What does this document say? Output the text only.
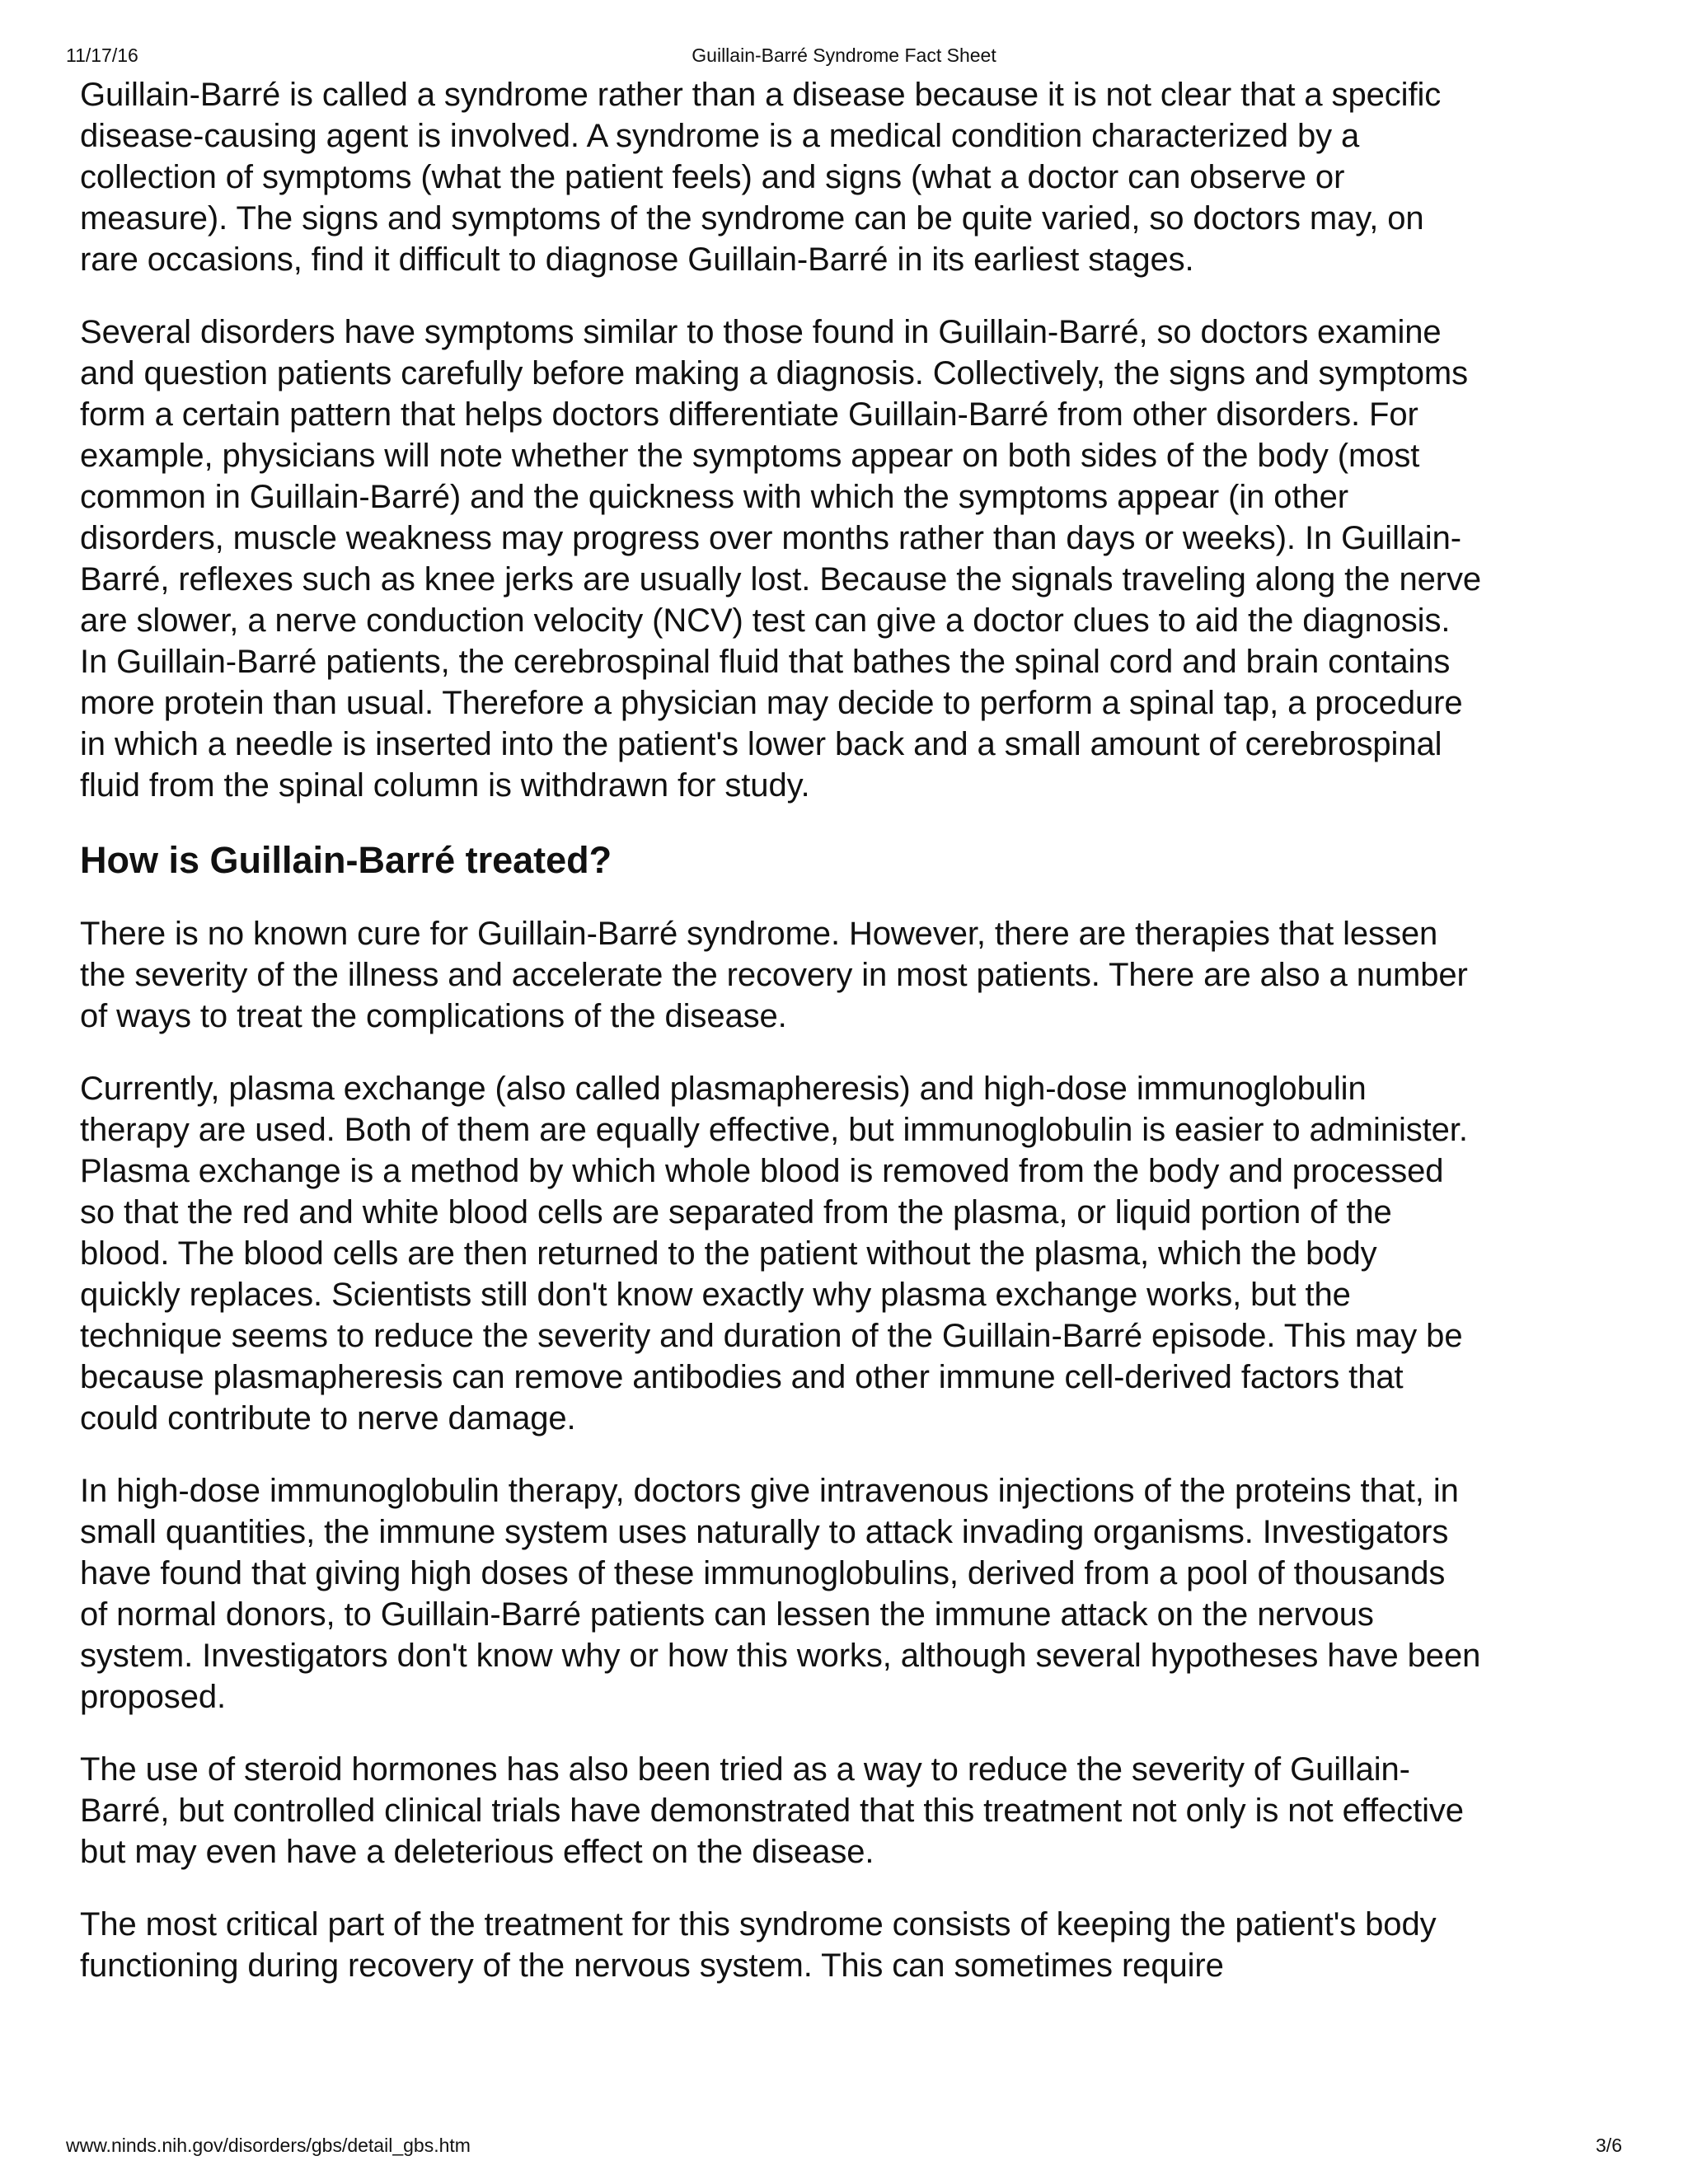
11/17/16	Guillain-Barré Syndrome Fact Sheet

Guillain-Barré is called a syndrome rather than a disease because it is not clear that a specific disease-causing agent is involved. A syndrome is a medical condition characterized by a collection of symptoms (what the patient feels) and signs (what a doctor can observe or measure). The signs and symptoms of the syndrome can be quite varied, so doctors may, on rare occasions, find it difficult to diagnose Guillain-Barré in its earliest stages.

Several disorders have symptoms similar to those found in Guillain-Barré, so doctors examine and question patients carefully before making a diagnosis. Collectively, the signs and symptoms form a certain pattern that helps doctors differentiate Guillain-Barré from other disorders. For example, physicians will note whether the symptoms appear on both sides of the body (most common in Guillain-Barré) and the quickness with which the symptoms appear (in other disorders, muscle weakness may progress over months rather than days or weeks). In Guillain-Barré, reflexes such as knee jerks are usually lost. Because the signals traveling along the nerve are slower, a nerve conduction velocity (NCV) test can give a doctor clues to aid the diagnosis. In Guillain-Barré patients, the cerebrospinal fluid that bathes the spinal cord and brain contains more protein than usual. Therefore a physician may decide to perform a spinal tap, a procedure in which a needle is inserted into the patient's lower back and a small amount of cerebrospinal fluid from the spinal column is withdrawn for study.

How is Guillain-Barré treated?

There is no known cure for Guillain-Barré syndrome. However, there are therapies that lessen the severity of the illness and accelerate the recovery in most patients. There are also a number of ways to treat the complications of the disease.

Currently, plasma exchange (also called plasmapheresis) and high-dose immunoglobulin therapy are used. Both of them are equally effective, but immunoglobulin is easier to administer. Plasma exchange is a method by which whole blood is removed from the body and processed so that the red and white blood cells are separated from the plasma, or liquid portion of the blood. The blood cells are then returned to the patient without the plasma, which the body quickly replaces. Scientists still don't know exactly why plasma exchange works, but the technique seems to reduce the severity and duration of the Guillain-Barré episode. This may be because plasmapheresis can remove antibodies and other immune cell-derived factors that could contribute to nerve damage.

In high-dose immunoglobulin therapy, doctors give intravenous injections of the proteins that, in small quantities, the immune system uses naturally to attack invading organisms. Investigators have found that giving high doses of these immunoglobulins, derived from a pool of thousands of normal donors, to Guillain-Barré patients can lessen the immune attack on the nervous system. Investigators don't know why or how this works, although several hypotheses have been proposed.

The use of steroid hormones has also been tried as a way to reduce the severity of Guillain-Barré, but controlled clinical trials have demonstrated that this treatment not only is not effective but may even have a deleterious effect on the disease.

The most critical part of the treatment for this syndrome consists of keeping the patient's body functioning during recovery of the nervous system. This can sometimes require

www.ninds.nih.gov/disorders/gbs/detail_gbs.htm	3/6
